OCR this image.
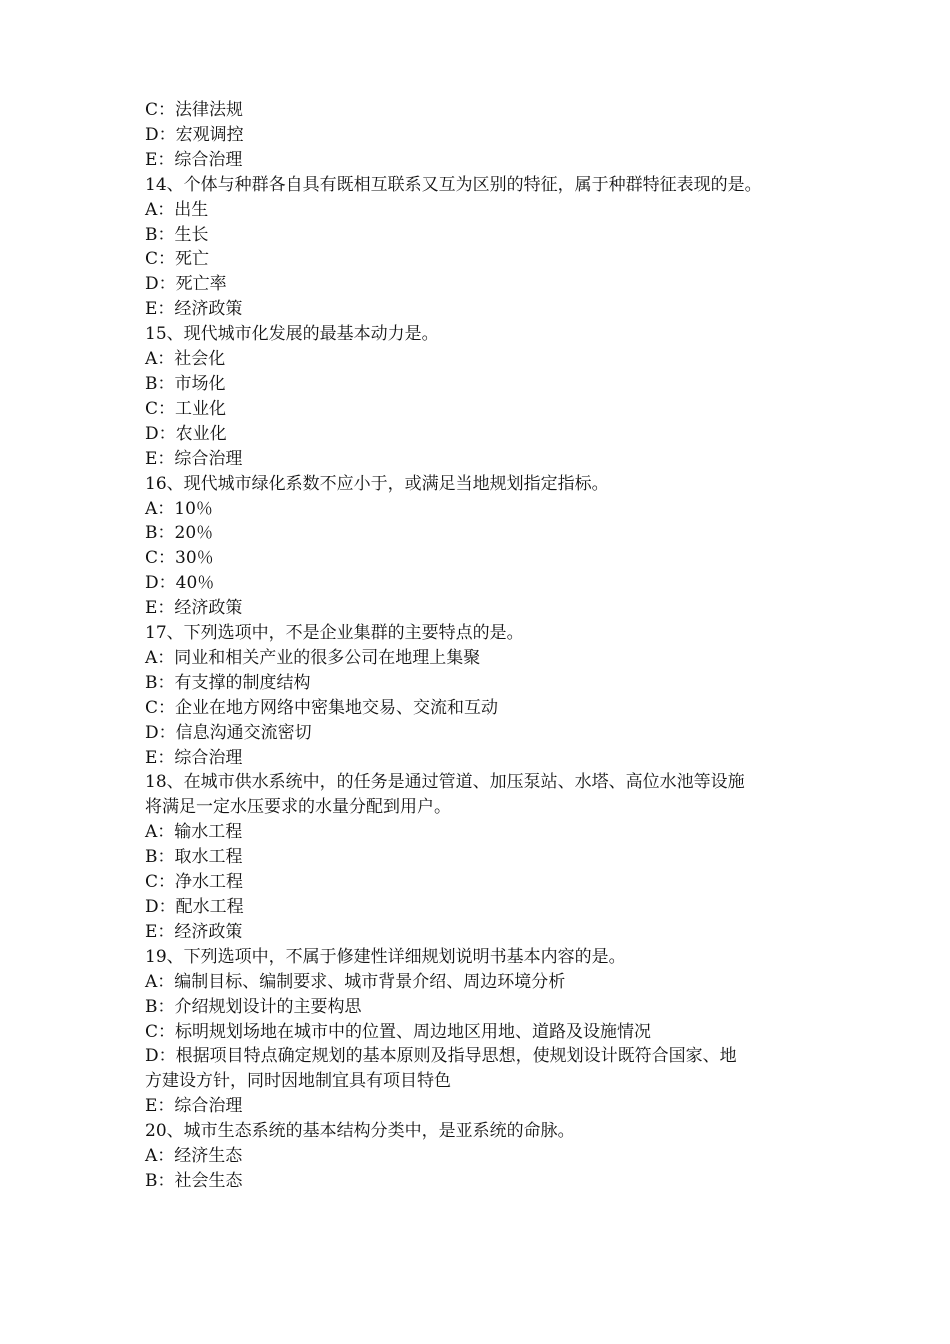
C：法律法规
D：宏观调控
E：综合治理
14、个体与种群各自具有既相互联系又互为区别的特征，属于种群特征表现的是。
A：出生
B：生长
C：死亡
D：死亡率
E：经济政策
15、现代城市化发展的最基本动力是。
A：社会化
B：市场化
C：工业化
D：农业化
E：综合治理
16、现代城市绿化系数不应小于，或满足当地规划指定指标。
A：10％
B：20％
C：30％
D：40％
E：经济政策
17、下列选项中，不是企业集群的主要特点的是。
A：同业和相关产业的很多公司在地理上集聚
B：有支撑的制度结构
C：企业在地方网络中密集地交易、交流和互动
D：信息沟通交流密切
E：综合治理
18、在城市供水系统中，的任务是通过管道、加压泵站、水塔、高位水池等设施
将满足一定水压要求的水量分配到用户。
A：输水工程
B：取水工程
C：净水工程
D：配水工程
E：经济政策
19、下列选项中，不属于修建性详细规划说明书基本内容的是。
A：编制目标、编制要求、城市背景介绍、周边环境分析
B：介绍规划设计的主要构思
C：标明规划场地在城市中的位置、周边地区用地、道路及设施情况
D：根据项目特点确定规划的基本原则及指导思想，使规划设计既符合国家、地
方建设方针，同时因地制宜具有项目特色
E：综合治理
20、城市生态系统的基本结构分类中，是亚系统的命脉。
A：经济生态
B：社会生态
